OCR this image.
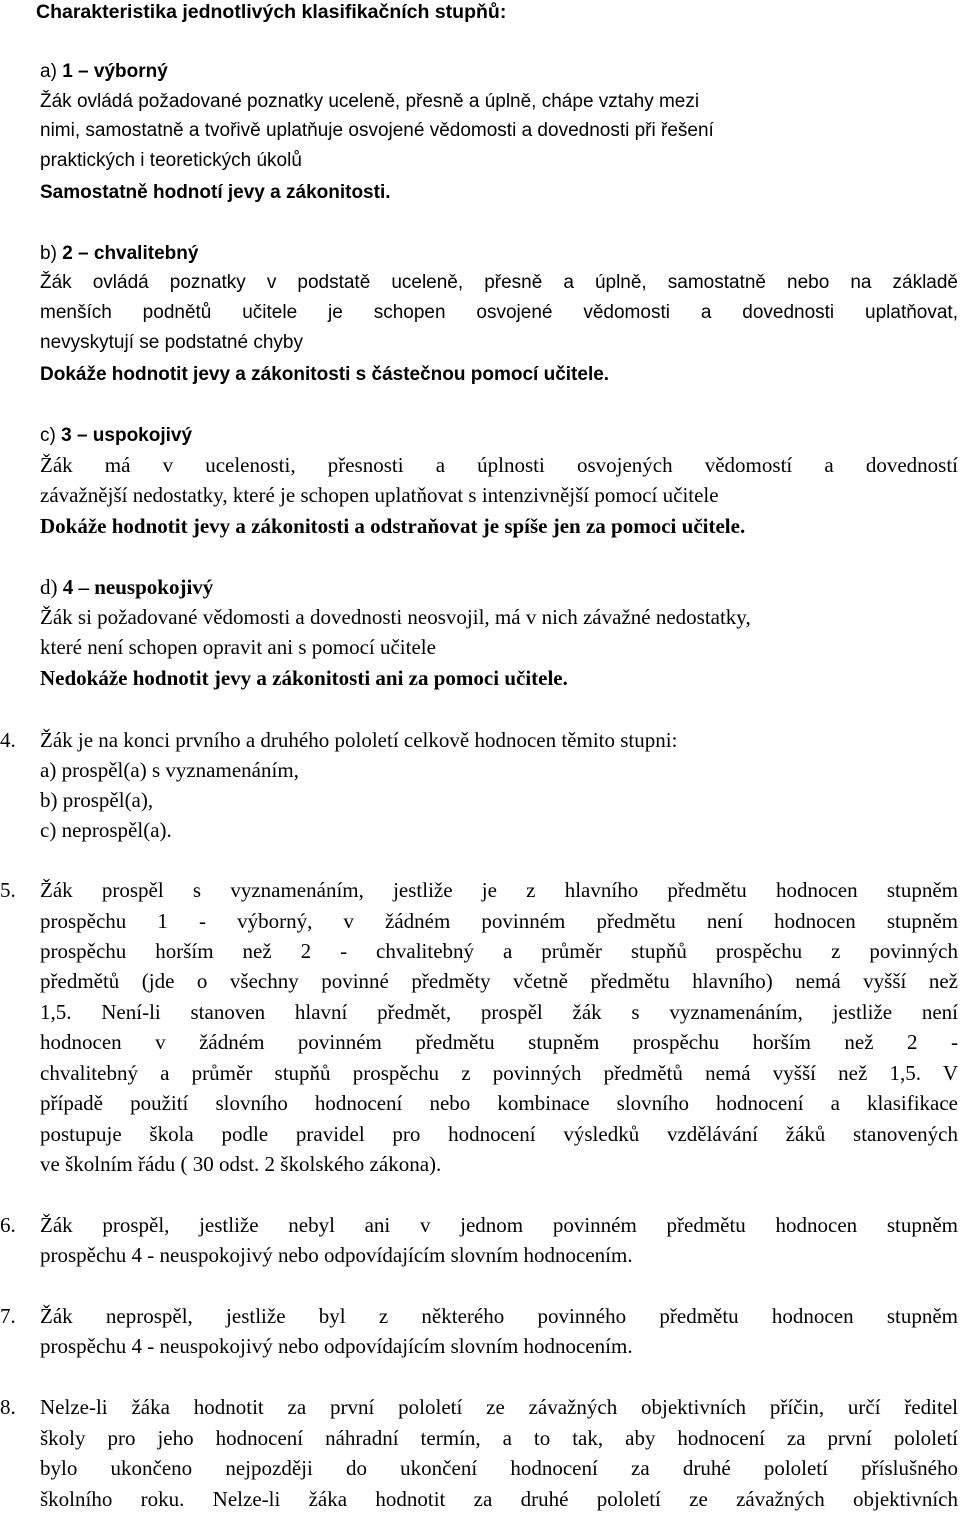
Charakteristika jednotlivých klasifikačních stupňů:
a) 1 – výborný
Žák ovládá požadované poznatky uceleně, přesně a úplně, chápe vztahy mezi
nimi, samostatně a tvořivě uplatňuje osvojené vědomosti a dovednosti při řešení
praktických i teoretických úkolů
Samostatně hodnotí jevy a zákonitosti.
b) 2 – chvalitebný
Žák ovládá poznatky v podstatě uceleně, přesně a úplně, samostatně nebo na základě
menších podnětů učitele je schopen osvojené vědomosti a dovednosti uplatňovat,
nevyskytují se podstatné chyby
Dokáže hodnotit jevy a zákonitosti s částečnou pomocí učitele.
c) 3 – uspokojivý
Žák má v ucelenosti, přesnosti a úplnosti osvojených vědomostí a dovedností
závažnější nedostatky, které je schopen uplatňovat s intenzivnější pomocí učitele
Dokáže hodnotit jevy a zákonitosti a odstraňovat je spíše jen za pomoci učitele.
d) 4 – neuspokojivý
Žák si požadované vědomosti a dovednosti neosvojil, má v nich závažné nedostatky,
které není schopen opravit ani s pomocí učitele
Nedokáže hodnotit jevy a zákonitosti ani za pomoci učitele.
4.	Žák je na konci prvního a druhého pololetí celkově hodnocen těmito stupni:
a) prospěl(a) s vyznamenáním,
b) prospěl(a),
c) neprospěl(a).
5.	Žák prospěl s vyznamenáním, jestliže je z hlavního předmětu hodnocen stupněm
prospěchu 1 - výborný, v žádném povinném předmětu není hodnocen stupněm
prospěchu horším než 2 - chvalitebný a průměr stupňů prospěchu z povinných
předmětů (jde o všechny povinné předměty včetně předmětu hlavního) nemá vyšší než
1,5. Není-li stanoven hlavní předmět, prospěl žák s vyznamenáním, jestliže není
hodnocen v žádném povinném předmětu stupněm prospěchu horším než 2 -
chvalitebný a průměr stupňů prospěchu z povinných předmětů nemá vyšší než 1,5. V
případě použití slovního hodnocení nebo kombinace slovního hodnocení a klasifikace
postupuje škola podle pravidel pro hodnocení výsledků vzdělávání žáků stanovených
ve školním řádu ( 30 odst. 2 školského zákona).
6.	Žák prospěl, jestliže nebyl ani v jednom povinném předmětu hodnocen stupněm
prospěchu 4 - neuspokojivý nebo odpovídajícím slovním hodnocením.
7.	Žák neprospěl, jestliže byl z některého povinného předmětu hodnocen stupněm
prospěchu 4 - neuspokojivý nebo odpovídajícím slovním hodnocením.
8.	Nelze-li žáka hodnotit za první pololetí ze závažných objektivních příčin, určí ředitel
školy pro jeho hodnocení náhradní termín, a to tak, aby hodnocení za první pololetí
bylo ukončeno nejpozději do ukončení hodnocení za druhé pololetí příslušného
školního roku. Nelze-li žáka hodnotit za druhé pololetí ze závažných objektivních
